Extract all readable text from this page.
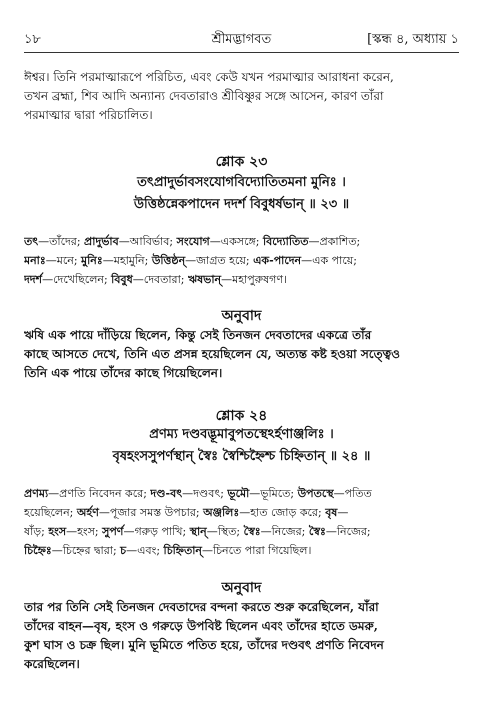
১৮	শ্রীমদ্ভাগবত	[স্কন্ধ ৪, অধ্যায় ১
ঈশ্বর। তিনি পরমাত্মারূপে পরিচিত, এবং কেউ যখন পরমাত্মার আরাধনা করেন,
তখন ব্রহ্মা, শিব আদি অন্যান্য দেবতারাও শ্রীবিষ্ণুর সঙ্গে আসেন, কারণ তাঁরা
পরমাত্মার দ্বারা পরিচালিত।
শ্লোক ২৩
তৎপ্রাদুর্ভাবসংযোগবিদ্যোতিতমনা মুনিঃ ।
উত্তিষ্ঠন্নেকপাদেন দদর্শ বিবুধর্ষভান্ ॥ ২৩ ॥
তৎ—তাঁদের; প্রাদুর্ভাব—আবির্ভাব; সংযোগ—একসঙ্গে; বিদ্যোতিত—প্রকাশিত;
মনাঃ—মনে; মুনিঃ—মহামুনি; উত্তিষ্ঠন্—জাগ্রত হয়ে; এক-পাদেন—এক পায়ে;
দদর্শ—দেখেছিলেন; বিবুধ—দেবতারা; ঋষভান্—মহাপুরুষগণ।
অনুবাদ
ঋষি এক পায়ে দাঁড়িয়ে ছিলেন, কিন্তু সেই তিনজন দেবতাদের একত্রে তাঁর
কাছে আসতে দেখে, তিনি এত প্রসন্ন হয়েছিলেন যে, অত্যন্ত কষ্ট হওয়া সত্ত্বেও
তিনি এক পায়ে তাঁদের কাছে গিয়েছিলেন।
শ্লোক ২৪
প্রণম্য দণ্ডবদ্ভূমাবুপতস্থেঽর্হণাঞ্জলিঃ ।
বৃষহংসসুপর্ণস্থান্ স্বৈঃ স্বৈশ্চিহ্নৈশ্চ চিহ্নিতান্ ॥ ২৪ ॥
প্রণম্য—প্রণতি নিবেদন করে; দণ্ড-বৎ—দণ্ডবৎ; ভূমৌ—ভূমিতে; উপতস্থে—পতিত
হয়েছিলেন; অর্হণ—পূজার সমস্ত উপচার; অঞ্জলিঃ—হাত জোড় করে; বৃষ—
ষাঁড়; হংস—হংস; সুপর্ণ—গরুড় পাখি; স্থান্—স্থিত; স্বৈঃ—নিজের; স্বৈঃ—নিজের;
চিহ্নৈঃ—চিহ্নের দ্বারা; চ—এবং; চিহ্নিতান্—চিনতে পারা গিয়েছিল।
অনুবাদ
তার পর তিনি সেই তিনজন দেবতাদের বন্দনা করতে শুরু করেছিলেন, যাঁরা
তাঁদের বাহন—বৃষ, হংস ও গরুড়ে উপবিষ্ট ছিলেন এবং তাঁদের হাতে ডমরু,
কুশ ঘাস ও চক্র ছিল। মুনি ভূমিতে পতিত হয়ে, তাঁদের দণ্ডবৎ প্রণতি নিবেদন
করেছিলেন।
